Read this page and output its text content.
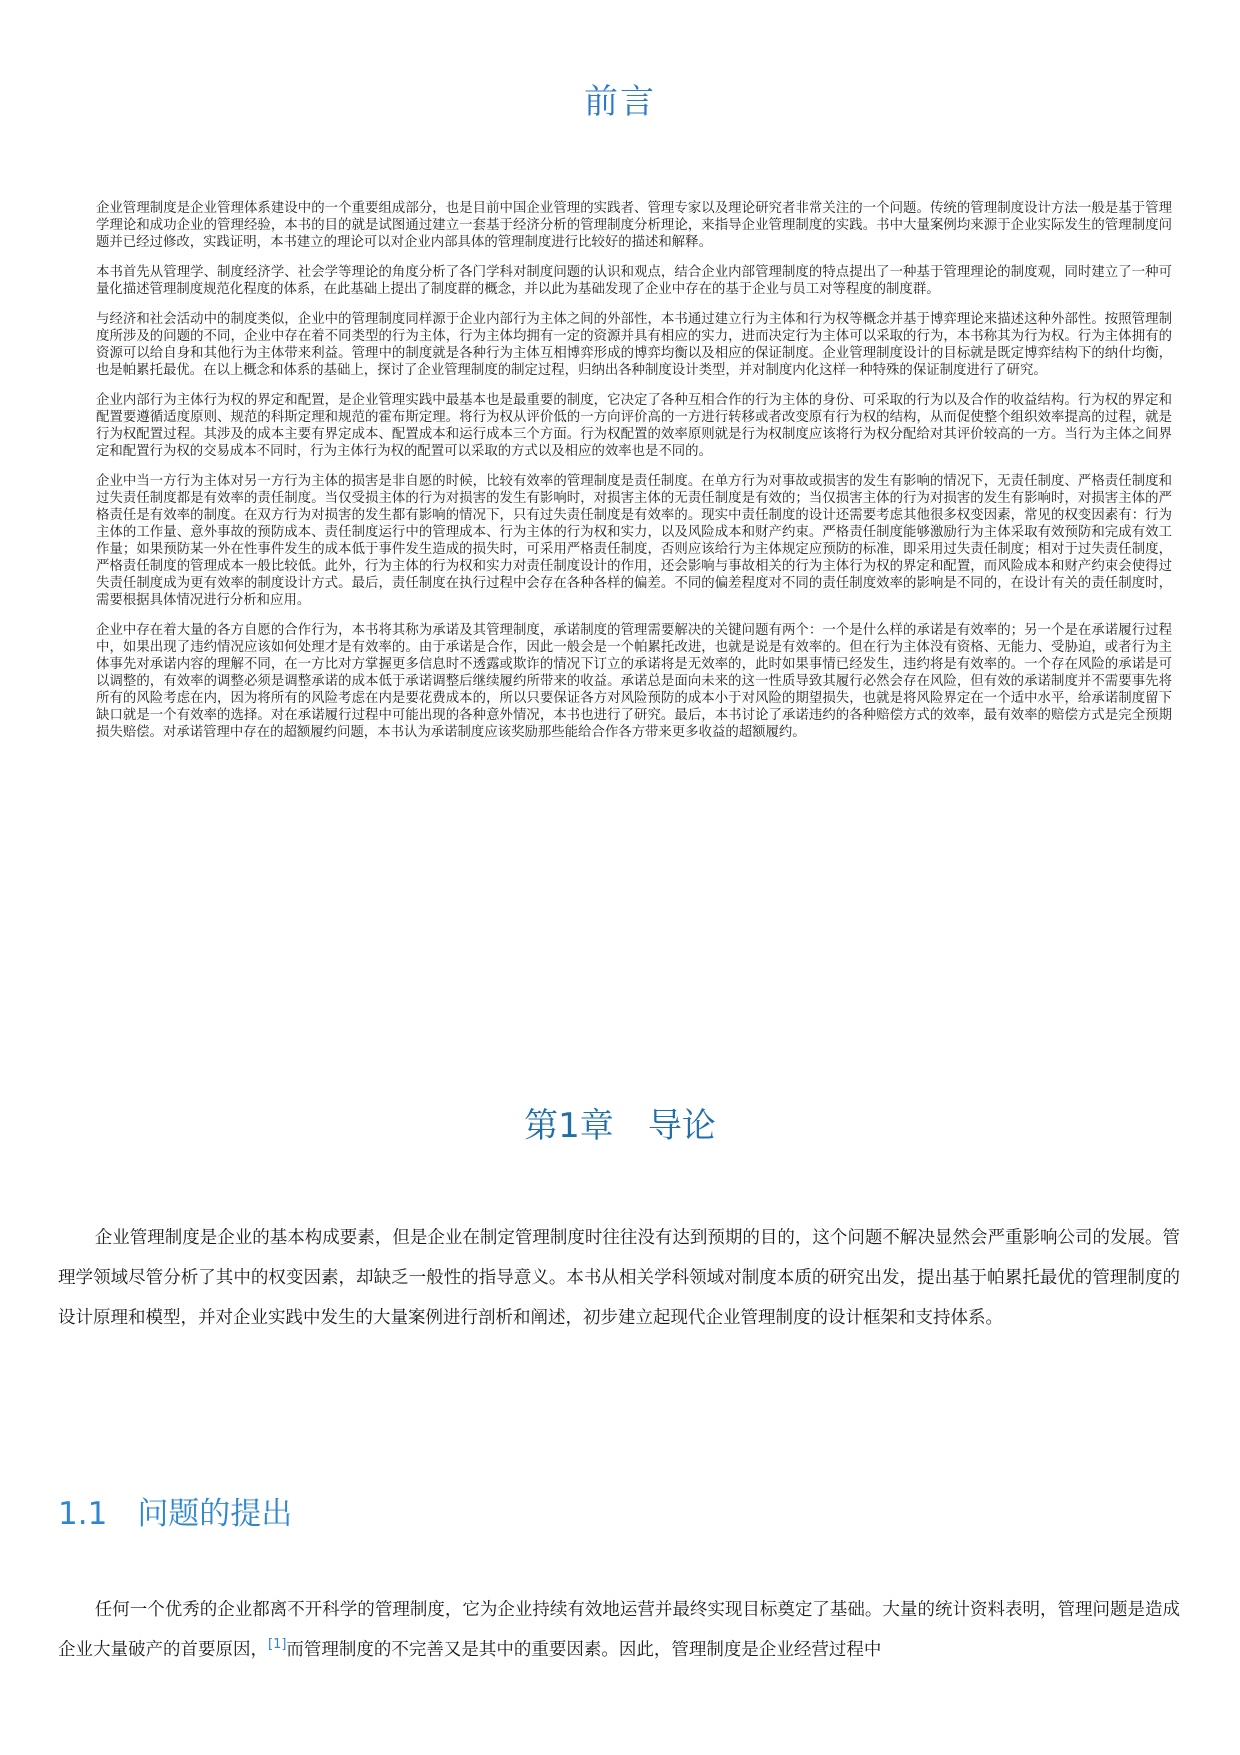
前言

企业管理制度是企业管理体系建设中的一个重要组成部分，也是目前中国企业管理的实践者、管理专家以及理论研究者非常关注的一个问题。传统的管理制度设计方法一般是基于管理学理论和成功企业的管理经验，本书的目的就是试图通过建立一套基于经济分析的管理制度分析理论，来指导企业管理制度的实践。书中大量案例均来源于企业实际发生的管理制度问题并已经过修改，实践证明，本书建立的理论可以对企业内部具体的管理制度进行比较好的描述和解释。

本书首先从管理学、制度经济学、社会学等理论的角度分析了各门学科对制度问题的认识和观点，结合企业内部管理制度的特点提出了一种基于管理理论的制度观，同时建立了一种可量化描述管理制度规范化程度的体系，在此基础上提出了制度群的概念，并以此为基础发现了企业中存在的基于企业与员工对等程度的制度群。

与经济和社会活动中的制度类似，企业中的管理制度同样源于企业内部行为主体之间的外部性，本书通过建立行为主体和行为权等概念并基于博弈理论来描述这种外部性。按照管理制度所涉及的问题的不同，企业中存在着不同类型的行为主体，行为主体均拥有一定的资源并具有相应的实力，进而决定行为主体可以采取的行为，本书称其为行为权。行为主体拥有的资源可以给自身和其他行为主体带来利益。管理中的制度就是各种行为主体互相博弈形成的博弈均衡以及相应的保证制度。企业管理制度设计的目标就是既定博弈结构下的纳什均衡，也是帕累托最优。在以上概念和体系的基础上，探讨了企业管理制度的制定过程，归纳出各种制度设计类型，并对制度内化这样一种特殊的保证制度进行了研究。

企业内部行为主体行为权的界定和配置，是企业管理实践中最基本也是最重要的制度，它决定了各种互相合作的行为主体的身份、可采取的行为以及合作的收益结构。行为权的界定和配置要遵循适度原则、规范的科斯定理和规范的霍布斯定理。将行为权从评价低的一方向评价高的一方进行转移或者改变原有行为权的结构，从而促使整个组织效率提高的过程，就是行为权配置过程。其涉及的成本主要有界定成本、配置成本和运行成本三个方面。行为权配置的效率原则就是行为权制度应该将行为权分配给对其评价较高的一方。当行为主体之间界定和配置行为权的交易成本不同时，行为主体行为权的配置可以采取的方式以及相应的效率也是不同的。

企业中当一方行为主体对另一方行为主体的损害是非自愿的时候，比较有效率的管理制度是责任制度。在单方行为对事故或损害的发生有影响的情况下，无责任制度、严格责任制度和过失责任制度都是有效率的责任制度。当仅受损主体的行为对损害的发生有影响时，对损害主体的无责任制度是有效的；当仅损害主体的行为对损害的发生有影响时，对损害主体的严格责任是有效率的制度。在双方行为对损害的发生都有影响的情况下，只有过失责任制度是有效率的。现实中责任制度的设计还需要考虑其他很多权变因素，常见的权变因素有：行为主体的工作量、意外事故的预防成本、责任制度运行中的管理成本、行为主体的行为权和实力，以及风险成本和财产约束。严格责任制度能够激励行为主体采取有效预防和完成有效工作量；如果预防某一外在性事件发生的成本低于事件发生造成的损失时，可采用严格责任制度，否则应该给行为主体规定应预防的标准，即采用过失责任制度；相对于过失责任制度，严格责任制度的管理成本一般比较低。此外，行为主体的行为权和实力对责任制度设计的作用，还会影响与事故相关的行为主体行为权的界定和配置，而风险成本和财产约束会使得过失责任制度成为更有效率的制度设计方式。最后，责任制度在执行过程中会存在各种各样的偏差。不同的偏差程度对不同的责任制度效率的影响是不同的，在设计有关的责任制度时，需要根据具体情况进行分析和应用。

企业中存在着大量的各方自愿的合作行为，本书将其称为承诺及其管理制度，承诺制度的管理需要解决的关键问题有两个：一个是什么样的承诺是有效率的；另一个是在承诺履行过程中，如果出现了违约情况应该如何处理才是有效率的。由于承诺是合作，因此一般会是一个帕累托改进，也就是说是有效率的。但在行为主体没有资格、无能力、受胁迫，或者行为主体事先对承诺内容的理解不同，在一方比对方掌握更多信息时不透露或欺诈的情况下订立的承诺将是无效率的，此时如果事情已经发生，违约将是有效率的。一个存在风险的承诺是可以调整的，有效率的调整必须是调整承诺的成本低于承诺调整后继续履约所带来的收益。承诺总是面向未来的这一性质导致其履行必然会存在风险，但有效的承诺制度并不需要事先将所有的风险考虑在内，因为将所有的风险考虑在内是要花费成本的，所以只要保证各方对风险预防的成本小于对风险的期望损失，也就是将风险界定在一个适中水平，给承诺制度留下缺口就是一个有效率的选择。对在承诺履行过程中可能出现的各种意外情况，本书也进行了研究。最后，本书讨论了承诺违约的各种赔偿方式的效率，最有效率的赔偿方式是完全预期损失赔偿。对承诺管理中存在的超额履约问题，本书认为承诺制度应该奖励那些能给合作各方带来更多收益的超额履约。

第1章 导论

企业管理制度是企业的基本构成要素，但是企业在制定管理制度时往往没有达到预期的目的，这个问题不解决显然会严重影响公司的发展。管理学领域尽管分析了其中的权变因素，却缺乏一般性的指导意义。本书从相关学科领域对制度本质的研究出发，提出基于帕累托最优的管理制度的设计原理和模型，并对企业实践中发生的大量案例进行剖析和阐述，初步建立起现代企业管理制度的设计框架和支持体系。

1.1 问题的提出

任何一个优秀的企业都离不开科学的管理制度，它为企业持续有效地运营并最终实现目标奠定了基础。大量的统计资料表明，管理问题是造成企业大量破产的首要原因，[1]而管理制度的不完善又是其中的重要因素。因此，管理制度是企业经营过程中
